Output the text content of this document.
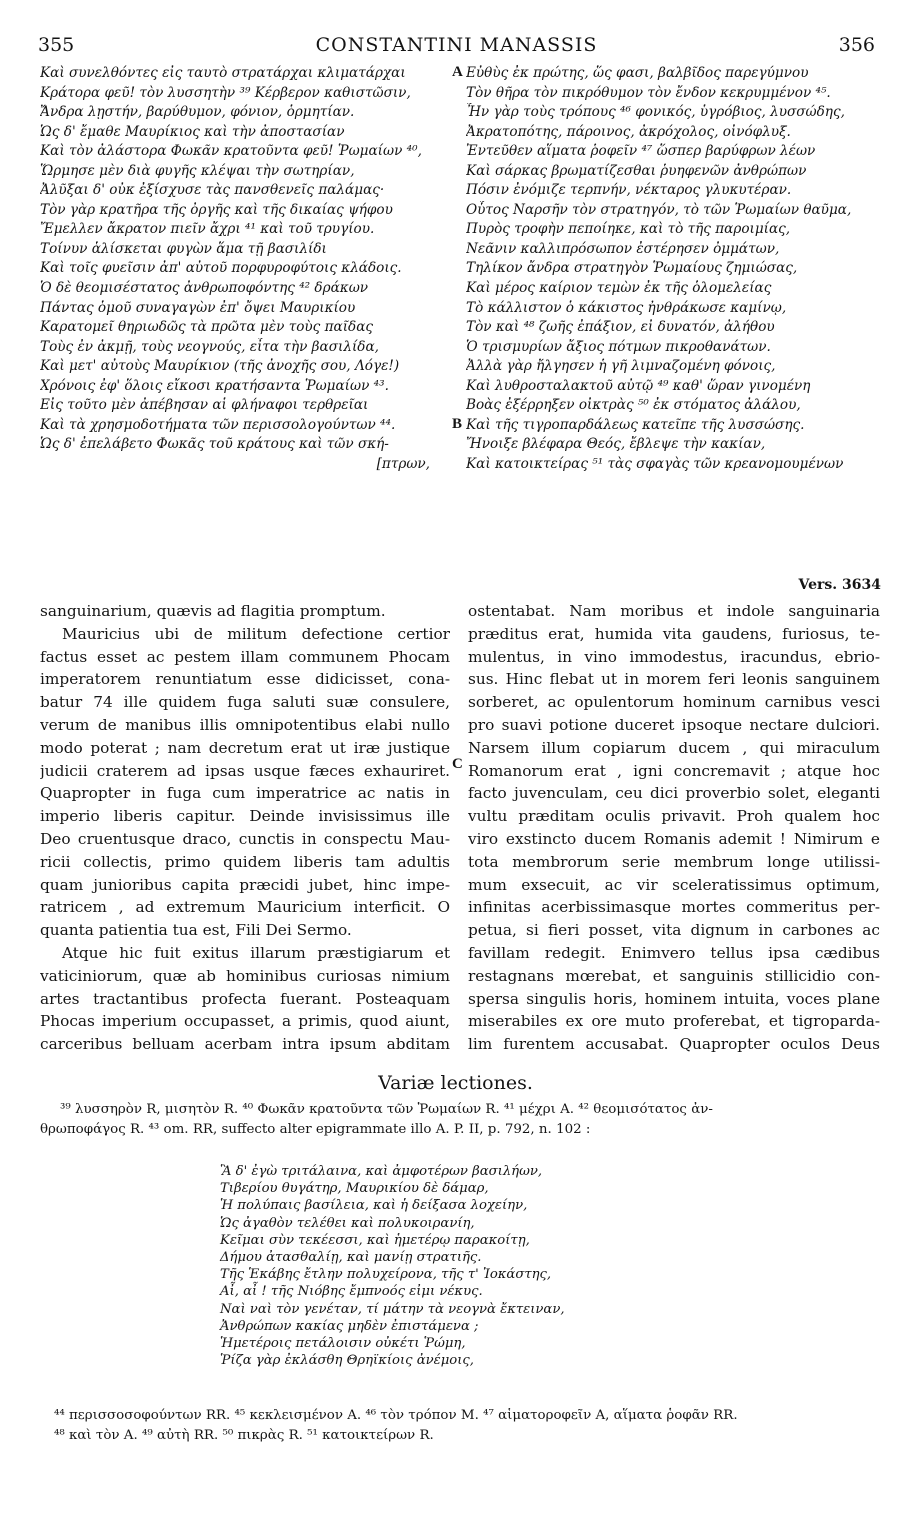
355	CONSTANTINI MANASSIS	356
Καὶ συνελθόντες εἰς ταυτὸ στρατάρχαι κλιματάρχαι
Κράτορα φεῦ! τὸν λυσσητὴν ³⁹ Κέρβερον καθιστῶσιν,
Ἄνδρα λῃστήν, βαρύθυμον, φόνιον, ὁρμητίαν.
Ὡς δ' ἔμαθε Μαυρίκιος καὶ τὴν ἀποστασίαν
Καὶ τὸν ἀλάστορα Φωκᾶν κρατοῦντα φεῦ! Ῥωμαίων ⁴⁰,
Ὥρμησε μὲν διὰ φυγῆς κλέψαι τὴν σωτηρίαν,
Ἀλῦξαι δ' οὐκ ἐξίσχυσε τὰς πανσθενεῖς παλάμας·
Τὸν γὰρ κρατῆρα τῆς ὀργῆς καὶ τῆς δικαίας ψήφου
Ἔμελλεν ἄκρατον πιεῖν ἄχρι ⁴¹ καὶ τοῦ τρυγίου.
Τοίνυν ἁλίσκεται φυγὼν ἅμα τῇ βασιλίδι
Καὶ τοῖς φυεῖσιν ἀπ' αὐτοῦ πορφυροφύτοις κλάδοις.
Ὁ δὲ θεομισέστατος ἀνθρωποφόντης ⁴² δράκων
Πάντας ὁμοῦ συναγαγὼν ἐπ' ὄψει Μαυρικίου
Καρατομεῖ θηριωδῶς τὰ πρῶτα μὲν τοὺς παῖδας
Τοὺς ἐν ἀκμῇ, τοὺς νεογνούς, εἶτα τὴν βασιλίδα,
Καὶ μετ' αὐτοὺς Μαυρίκιον (τῆς ἀνοχῆς σου, Λόγε!)
Χρόνοις ἐφ' ὅλοις εἴκοσι κρατήσαντα Ῥωμαίων ⁴³.
Εἰς τοῦτο μὲν ἀπέβησαν αἱ φλήναφοι τερθρεῖαι
Καὶ τὰ χρησμοδοτήματα τῶν περισσολογούντων ⁴⁴.
Ὡς δ' ἐπελάβετο Φωκᾶς τοῦ κράτους καὶ τῶν σκή-
[πτρων,
Εὐθὺς ἐκ πρώτης, ὥς φασι, βαλβῖδος παρεγύμνου
Τὸν θῆρα τὸν πικρόθυμον τὸν ἔνδον κεκρυμμένον ⁴⁵.
Ἦν γὰρ τοὺς τρόπους ⁴⁶ φονικός, ὑγρόβιος, λυσσώδης,
Ἀκρατοπότης, πάροινος, ἀκρόχολος, οἰνόφλυξ.
Ἐντεῦθεν αἵματα ῥοφεῖν ⁴⁷ ὥσπερ βαρύφρων λέων
Καὶ σάρκας βρωματίζεσθαι ῥυηφενῶν ἀνθρώπων
Πόσιν ἐνόμιζε τερπνήν, νέκταρος γλυκυτέραν.
Οὗτος Ναρσῆν τὸν στρατηγόν, τὸ τῶν Ῥωμαίων θαῦμα,
Πυρὸς τροφὴν πεποίηκε, καὶ τὸ τῆς παροιμίας,
Νεᾶνιν καλλιπρόσωπον ἐστέρησεν ὀμμάτων,
Τηλίκον ἄνδρα στρατηγὸν Ῥωμαίους ζημιώσας,
Καὶ μέρος καίριον τεμὼν ἐκ τῆς ὁλομελείας
Τὸ κάλλιστον ὁ κάκιστος ἠνθράκωσε καμίνῳ,
Τὸν καὶ ⁴⁸ ζωῆς ἐπάξιον, εἰ δυνατόν, ἀλήθου
Ὁ τρισμυρίων ἄξιος πότμων πικροθανάτων.
Ἀλλὰ γὰρ ἤλγησεν ἡ γῆ λιμναζομένη φόνοις,
Καὶ λυθροσταλακτοῦ αὐτῷ ⁴⁹ καθ' ὥραν γινομένη
Βοὰς ἐξέρρηξεν οἰκτρὰς ⁵⁰ ἐκ στόματος ἀλάλου,
Καὶ τῆς τιγροπαρδάλεως κατεῖπε τῆς λυσσώσης.
Ἤνοιξε βλέφαρα Θεός, ἔβλεψε τὴν κακίαν,
Καὶ κατοικτείρας ⁵¹ τὰς σφαγὰς τῶν κρεανομουμένων
A
B
C
Vers. 3634
sanguinarium, quævis ad flagitia promptum.
Mauricius ubi de militum defectione certior
factus esset ac pestem illam communem Phocam
imperatorem renuntiatum esse didicisset, cona-
batur 74 ille quidem fuga saluti suæ consulere,
verum de manibus illis omnipotentibus elabi nullo
modo poterat ; nam decretum erat ut iræ justique
judicii craterem ad ipsas usque fæces exhauriret.
Quapropter in fuga cum imperatrice ac natis in
imperio liberis capitur. Deinde invisissimus ille
Deo cruentusque draco, cunctis in conspectu Mau-
ricii collectis, primo quidem liberis tam adultis
quam junioribus capita præcidi jubet, hinc impe-
ratricem , ad extremum Mauricium interficit. O
quanta patientia tua est, Fili Dei Sermo.
Atque hic fuit exitus illarum præstigiarum et
vaticiniorum, quæ ab hominibus curiosas nimium
artes tractantibus profecta fuerant. Posteaquam
Phocas imperium occupasset, a primis, quod aiunt,
carceribus belluam acerbam intra ipsum abditam
ostentabat. Nam moribus et indole sanguinaria
præditus erat, humida vita gaudens, furiosus, te-
mulentus, in vino immodestus, iracundus, ebrio-
sus. Hinc flebat ut in morem feri leonis sanguinem
sorberet, ac opulentorum hominum carnibus vesci
pro suavi potione duceret ipsoque nectare dulciori.
Narsem illum copiarum ducem , qui miraculum
Romanorum erat , igni concremavit ; atque hoc
facto juvenculam, ceu dici proverbio solet, eleganti
vultu præditam oculis privavit. Proh qualem hoc
viro exstincto ducem Romanis ademit ! Nimirum e
tota membrorum serie membrum longe utilissi-
mum exsecuit, ac vir sceleratissimus optimum,
infinitas acerbissimasque mortes commeritus per-
petua, si fieri posset, vita dignum in carbones ac
favillam redegit. Enimvero tellus ipsa cædibus
restagnans mœrebat, et sanguinis stillicidio con-
spersa singulis horis, hominem intuita, voces plane
miserabiles ex ore muto proferebat, et tigroparda-
lim furentem accusabat. Quapropter oculos Deus
Variæ lectiones.
³⁹ λυσσηρὸν R, μισητὸν R. ⁴⁰ Φωκᾶν κρατοῦντα τῶν Ῥωμαίων R. ⁴¹ μέχρι A. ⁴² θεομισότατος ἀν-
θρωποφάγος R. ⁴³ om. RR, suffecto alter epigrammate illo A. P. II, p. 792, n. 102 :
Ἃ δ' ἐγὼ τριτάλαινα, καὶ ἀμφοτέρων βασιλήων,
Τιβερίου θυγάτηρ, Μαυρικίου δὲ δάμαρ,
Ἡ πολύπαις βασίλεια, καὶ ἡ δείξασα λοχείην,
Ὡς ἀγαθὸν τελέθει καὶ πολυκοιρανίη,
Κεῖμαι σὺν τεκέεσσι, καὶ ἡμετέρῳ παρακοίτῃ,
Δήμου ἀτασθαλίῃ, καὶ μανίῃ στρατιῆς.
Τῆς Ἑκάβης ἔτλην πολυχείρονα, τῆς τ' Ἰοκάστης,
Αἶ, αἶ ! τῆς Νιόβης ἔμπνοός εἰμι νέκυς.
Ναὶ ναὶ τὸν γενέταν, τί μάτην τὰ νεογνὰ ἔκτειναν,
Ἀνθρώπων κακίας μηδὲν ἐπιστάμενα ;
Ἡμετέροις πετάλοισιν οὐκέτι Ῥώμη,
Ῥίζα γὰρ ἐκλάσθη Θρηϊκίοις ἀνέμοις,
⁴⁴ περισσοσοφούντων RR. ⁴⁵ κεκλεισμένον A. ⁴⁶ τὸν τρόπον M. ⁴⁷ αἱματοροφεῖν A, αἵματα ῥοφᾶν RR.
⁴⁸ καὶ τὸν A. ⁴⁹ αὐτὴ RR. ⁵⁰ πικρὰς R. ⁵¹ κατοικτείρων R.
